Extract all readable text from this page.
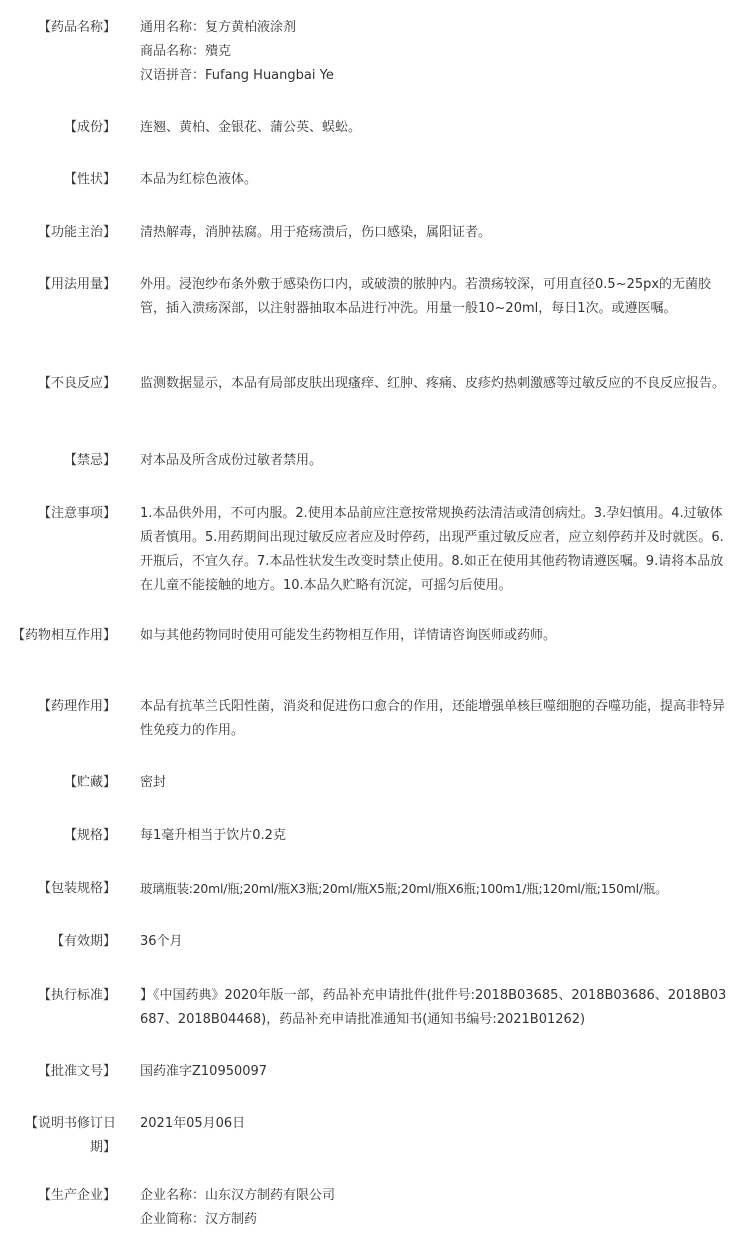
【药品名称】 通用名称：复方黄柏液涂剂
商品名称：殨克
汉语拼音：Fufang Huangbai Ye
【成份】 连翘、黄柏、金银花、蒲公英、蜈蚣。
【性状】 本品为红棕色液体。
【功能主治】 清热解毒，消肿祛腐。用于疮疡溃后，伤口感染，属阳证者。
【用法用量】 外用。浸泡纱布条外敷于感染伤口内，或破溃的脓肿内。若溃疡较深，可用直径0.5~25px的无菌胶管，插入溃疡深部，以注射器抽取本品进行冲洗。用量一般10~20ml，每日1次。或遵医嘱。
【不良反应】 监测数据显示，本品有局部皮肤出现瘙痒、红肿、疼痛、皮疹灼热刺激感等过敏反应的不良反应报告。
【禁忌】 对本品及所含成份过敏者禁用。
【注意事项】 1.本品供外用，不可内服。2.使用本品前应注意按常规换药法清洁或清创病灶。3.孕妇慎用。4.过敏体质者慎用。5.用药期间出现过敏反应者应及时停药，出现严重过敏反应者，应立刻停药并及时就医。6.开瓶后，不宜久存。7.本品性状发生改变时禁止使用。8.如正在使用其他药物请遵医嘱。9.请将本品放在儿童不能接触的地方。10.本品久贮略有沉淀，可摇匀后使用。
【药物相互作用】 如与其他药物同时使用可能发生药物相互作用，详情请咨询医师或药师。
【药理作用】 本品有抗革兰氏阳性菌，消炎和促进伤口愈合的作用，还能增强单核巨噬细胞的吞噬功能，提高非特异性免疫力的作用。
【贮藏】 密封
【规格】 每1毫升相当于饮片0.2克
【包装规格】 玻璃瓶装:20ml/瓶;20ml/瓶X3瓶;20ml/瓶X5瓶;20ml/瓶X6瓶;100m1/瓶;120ml/瓶;150ml/瓶。
【有效期】 36个月
【执行标准】 】《中国药典》2020年版一部，药品补充申请批件(批件号:2018B03685、2018B03686、2018B03687、2018B04468)，药品补充申请批准通知书(通知书编号:2021B01262)
【批准文号】 国药准字Z10950097
【说明书修订日期】
2021年05月06日
【生产企业】 企业名称：山东汉方制药有限公司
企业简称：汉方制药
